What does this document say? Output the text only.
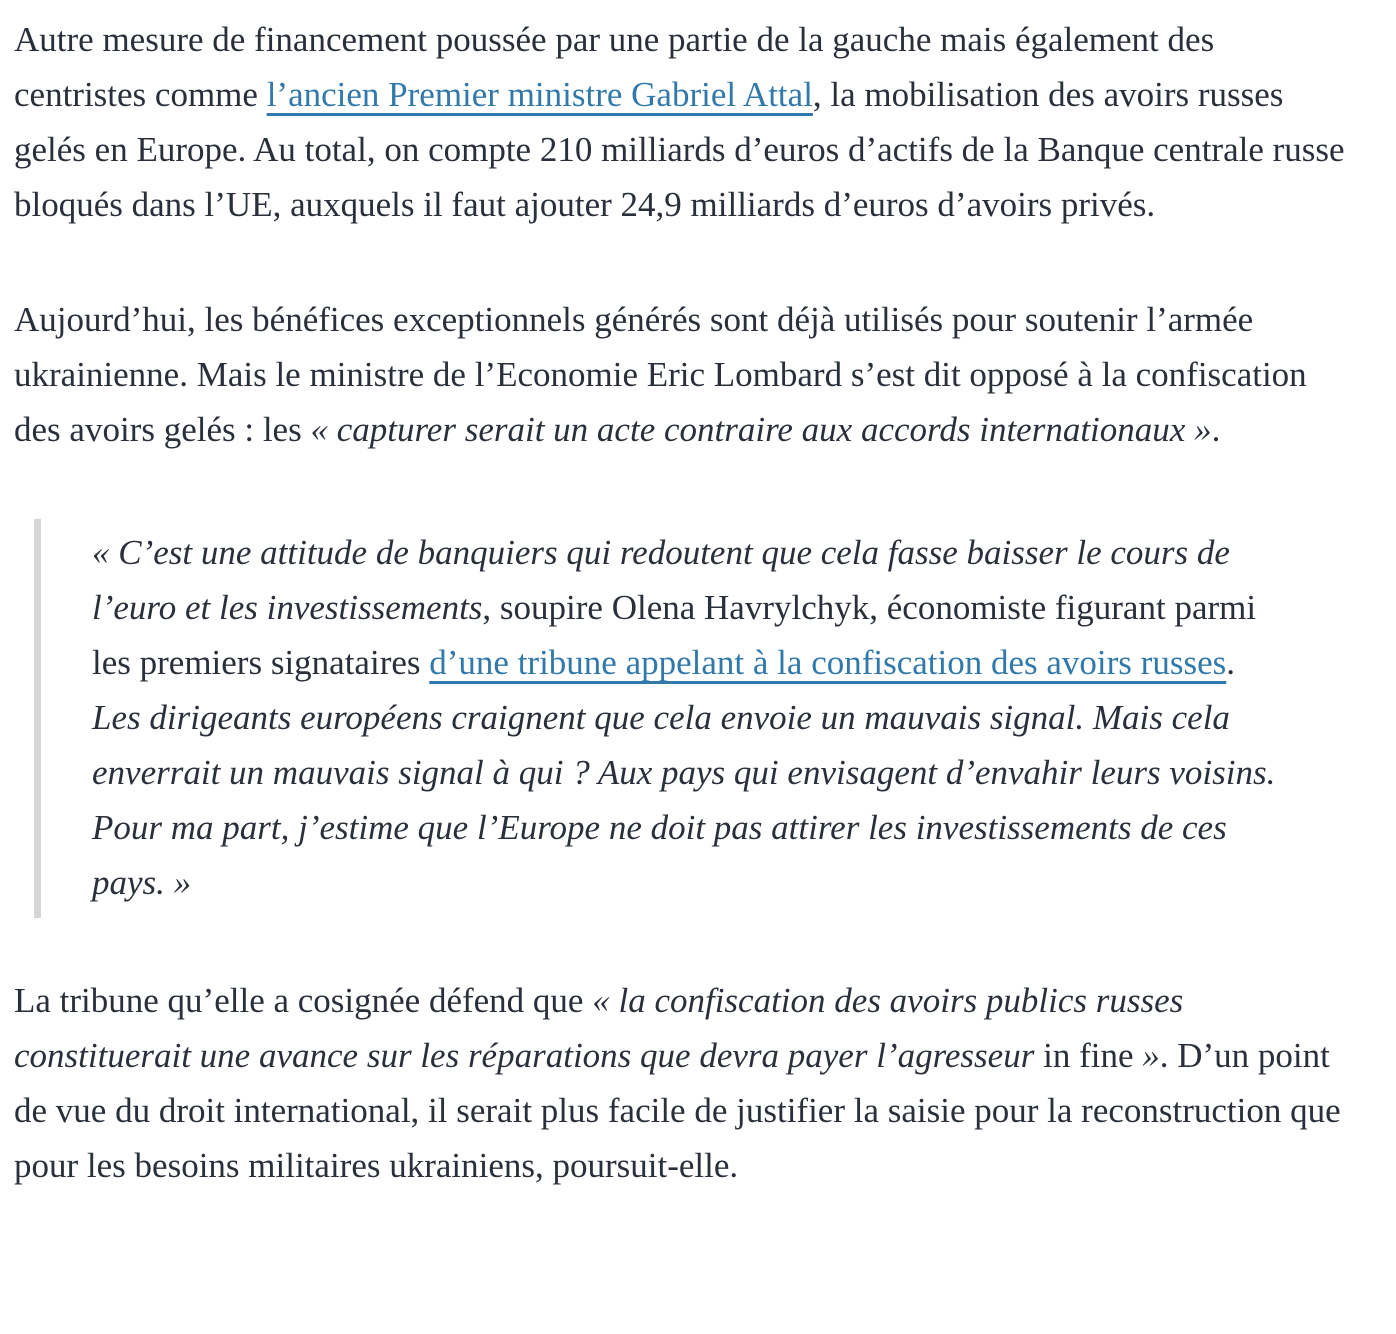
Autre mesure de financement poussée par une partie de la gauche mais également des centristes comme l’ancien Premier ministre Gabriel Attal, la mobilisation des avoirs russes gelés en Europe. Au total, on compte 210 milliards d’euros d’actifs de la Banque centrale russe bloqués dans l’UE, auxquels il faut ajouter 24,9 milliards d’euros d’avoirs privés.

Aujourd’hui, les bénéfices exceptionnels générés sont déjà utilisés pour soutenir l’armée ukrainienne. Mais le ministre de l’Economie Eric Lombard s’est dit opposé à la confiscation des avoirs gelés : les « capturer serait un acte contraire aux accords internationaux ».

« C’est une attitude de banquiers qui redoutent que cela fasse baisser le cours de l’euro et les investissements, soupire Olena Havrylchyk, économiste figurant parmi les premiers signataires d’une tribune appelant à la confiscation des avoirs russes. Les dirigeants européens craignent que cela envoie un mauvais signal. Mais cela enverrait un mauvais signal à qui ? Aux pays qui envisagent d’envahir leurs voisins. Pour ma part, j’estime que l’Europe ne doit pas attirer les investissements de ces pays. »

La tribune qu’elle a cosignée défend que « la confiscation des avoirs publics russes constituerait une avance sur les réparations que devra payer l’agresseur in fine ». D’un point de vue du droit international, il serait plus facile de justifier la saisie pour la reconstruction que pour les besoins militaires ukrainiens, poursuit-elle.
